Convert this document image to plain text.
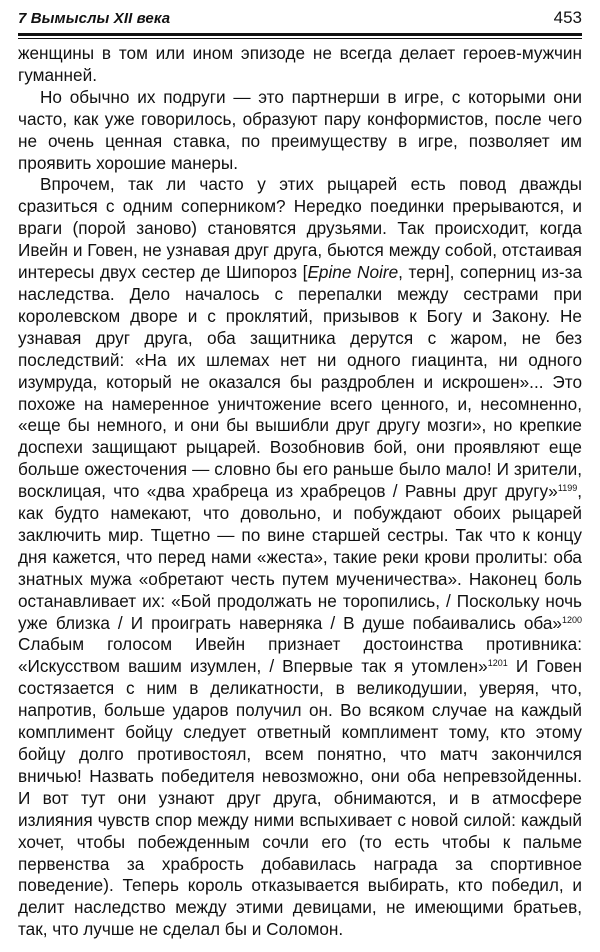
7 Вымыслы XII века	453

женщины в том или ином эпизоде не всегда делает героев-мужчин гуманней.

Но обычно их подруги — это партнерши в игре, с которыми они часто, как уже говорилось, образуют пару конформистов, после чего не очень ценная ставка, по преимуществу в игре, позволяет им проявить хорошие манеры.

Впрочем, так ли часто у этих рыцарей есть повод дважды сразиться с одним соперником? Нередко поединки прерываются, и враги (порой заново) становятся друзьями. Так происходит, когда Ивейн и Говен, не узнавая друг друга, бьются между собой, отстаивая интересы двух сестер де Шипороз [Epine Noire, терн], соперниц из-за наследства. Дело началось с перепалки между сестрами при королевском дворе и с проклятий, призывов к Богу и Закону. Не узнавая друг друга, оба защитника дерутся с жаром, не без последствий: «На их шлемах нет ни одного гиацинта, ни одного изумруда, который не оказался бы раздроблен и искрошен»... Это похоже на намеренное уничтожение всего ценного, и, несомненно, «еще бы немного, и они бы вышибли друг другу мозги», но крепкие доспехи защищают рыцарей. Возобновив бой, они проявляют еще больше ожесточения — словно бы его раньше было мало! И зрители, восклицая, что «два храбреца из храбрецов / Равны друг другу»$^{1199}$, как будто намекают, что довольно, и побуждают обоих рыцарей заключить мир. Тщетно — по вине старшей сестры. Так что к концу дня кажется, что перед нами «жеста», такие реки крови пролиты: оба знатных мужа «обретают честь путем мученичества». Наконец боль останавливает их: «Бой продолжать не торопились, / Поскольку ночь уже близка / И проиграть наверняка / В душе побаивались оба»$^{1200}$ Слабым голосом Ивейн признает достоинства противника: «Искусством вашим изумлен, / Впервые так я утомлен»$^{1201}$ И Говен состязается с ним в деликатности, в великодушии, уверяя, что, напротив, больше ударов получил он. Во всяком случае на каждый комплимент бойцу следует ответный комплимент тому, кто этому бойцу долго противостоял, всем понятно, что матч закончился вничью! Назвать победителя невозможно, они оба непревзойденны. И вот тут они узнают друг друга, обнимаются, и в атмосфере излияния чувств спор между ними вспыхивает с новой силой: каждый хочет, чтобы побежденным сочли его (то есть чтобы к пальме первенства за храбрость добавилась награда за спортивное поведение). Теперь король отказывается выбирать, кто победил, и делит наследство между этими девицами, не имеющими братьев, так, что лучше не сделал бы и Соломон.
